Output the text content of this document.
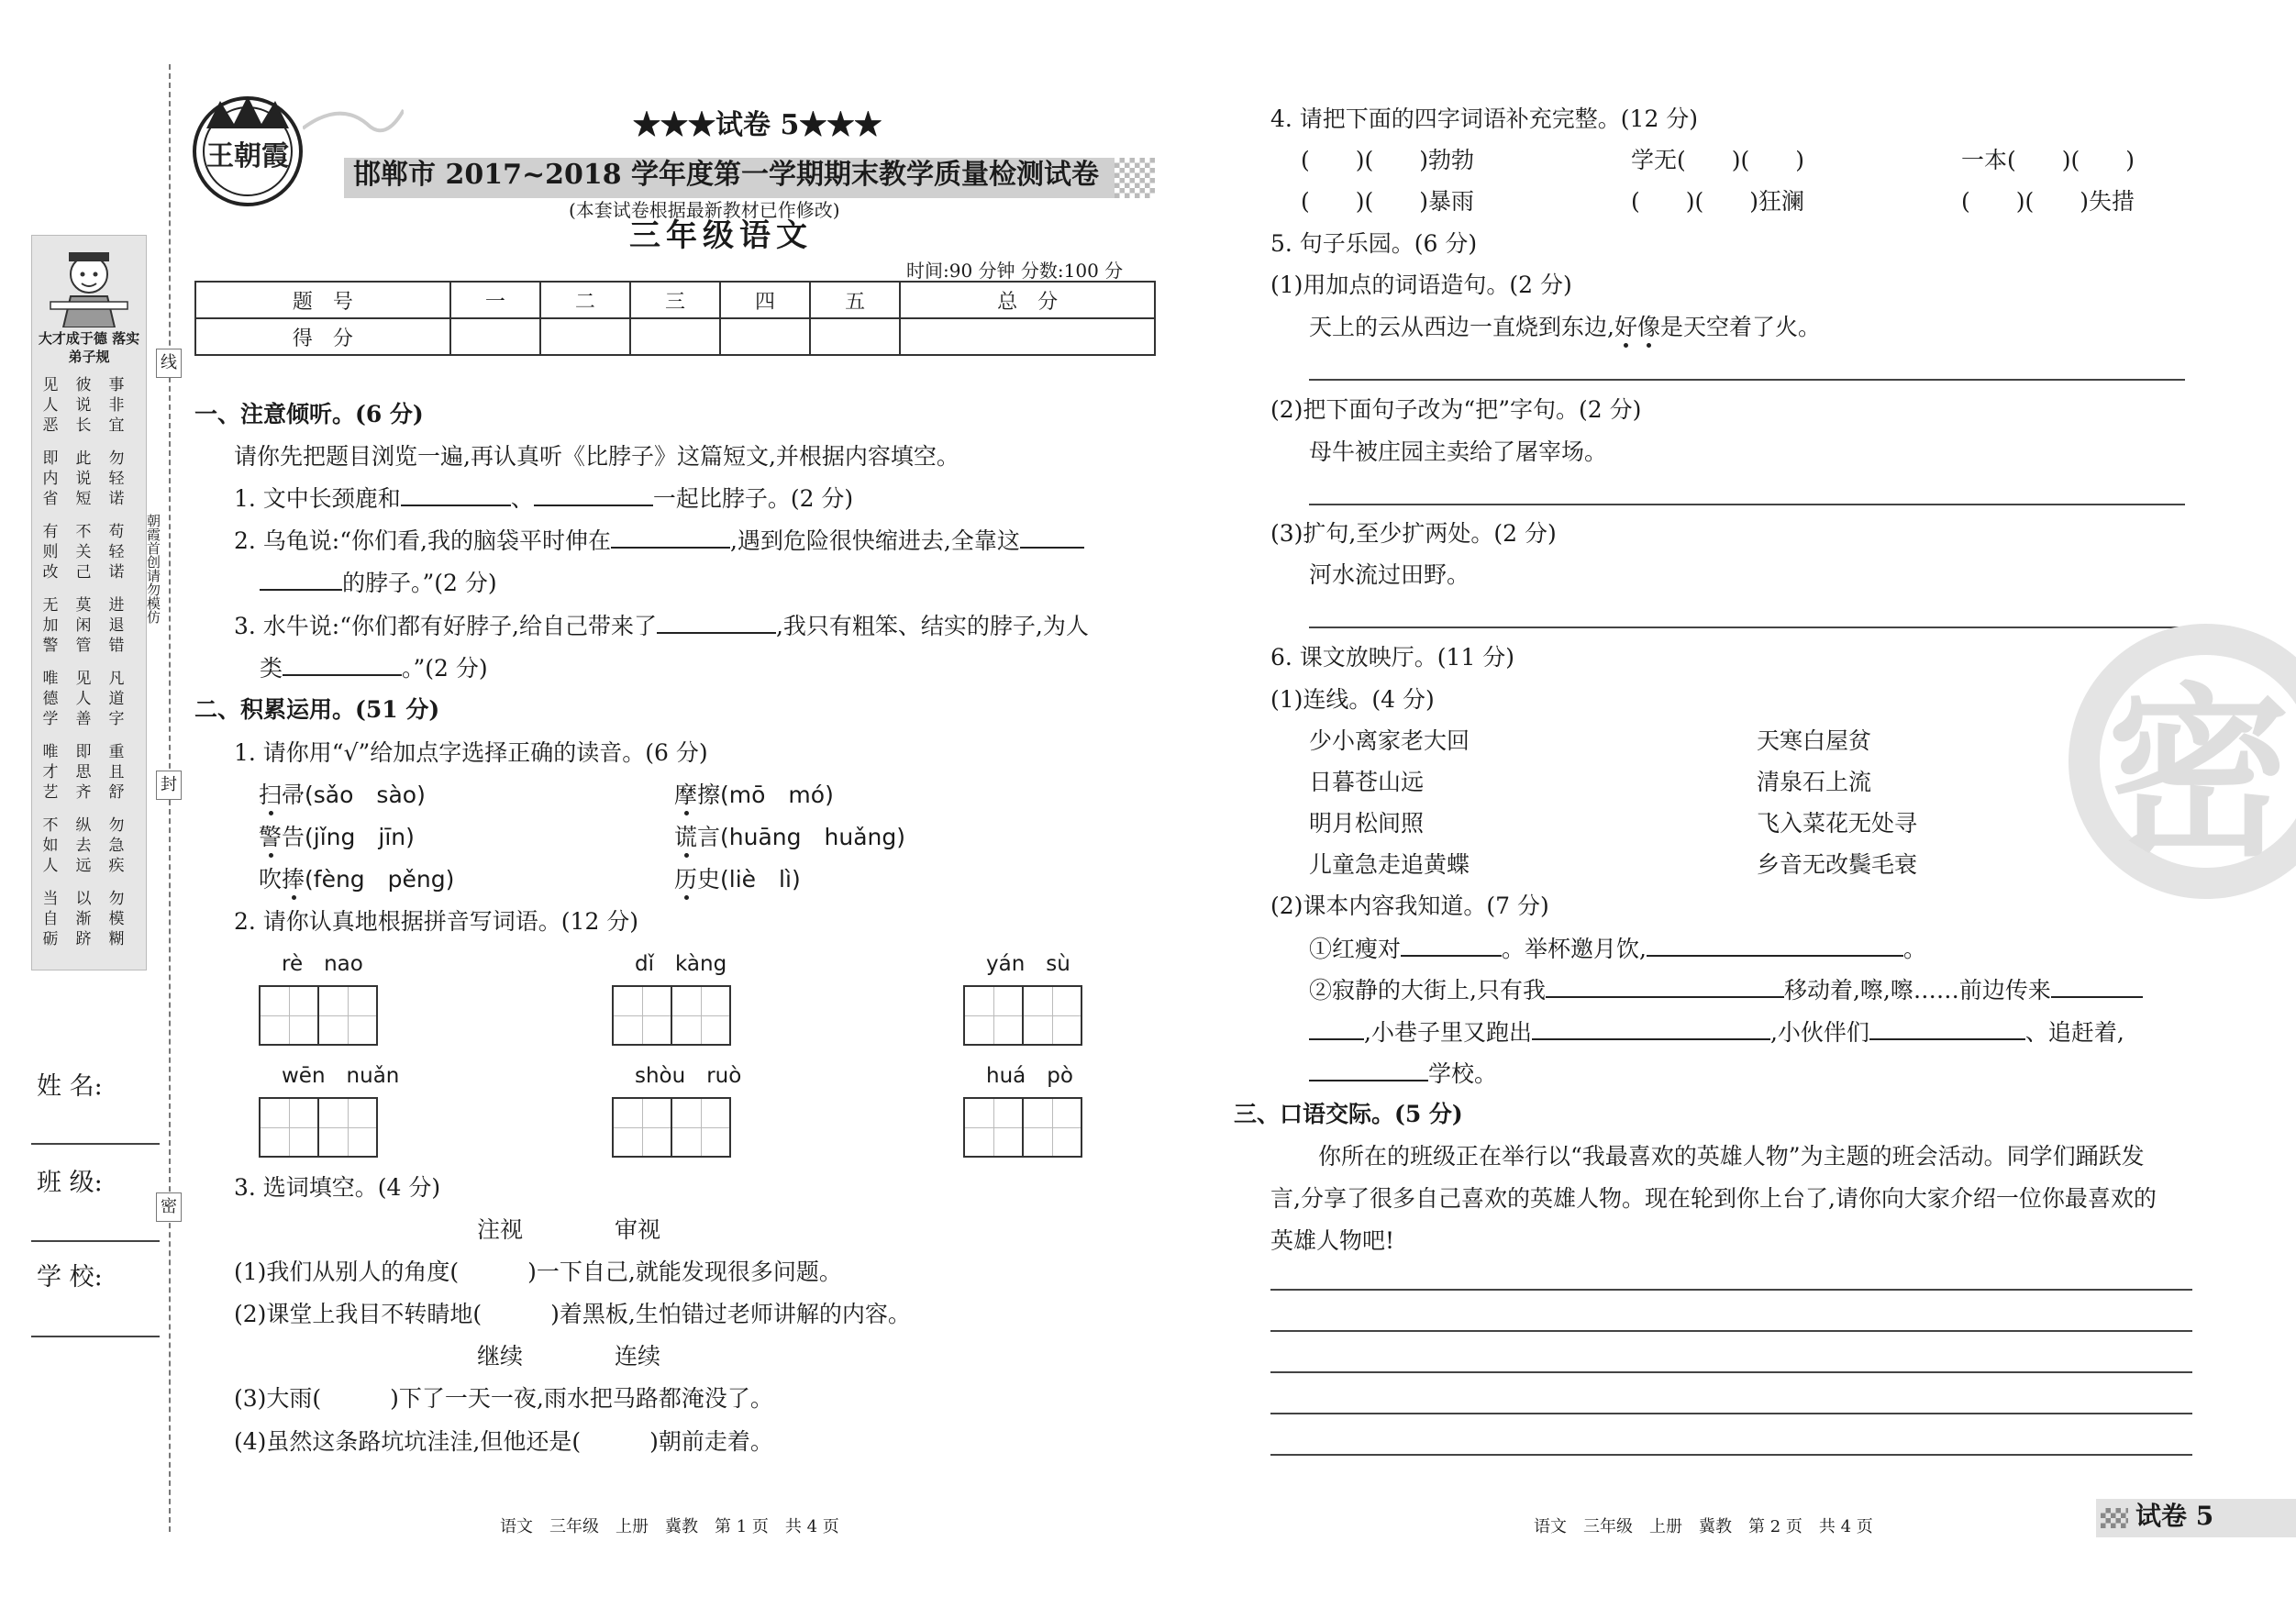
大才成于德 落实弟子规
见人恶
彼说长
事非宜
即内省
此说短
勿轻诺
有则改
不关己
苟轻诺
无加警
莫闲管
进退错
唯德学
见人善
凡道字
唯才艺
即思齐
重且舒
不如人
纵去远
勿急疾
当自砺
以渐跻
勿模糊
线
朝霞首创
请勿模仿
封
密
姓 名:
班 级:
学 校:
王朝霞
★★★试卷 5★★★
邯郸市 2017~2018 学年度第一学期期末教学质量检测试卷
(本套试卷根据最新教材已作修改)
三年级语文
时间:90 分钟 分数:100 分
题　号	一	二	三	四	五	总　分
得　分						
一、注意倾听。(6 分)
请你先把题目浏览一遍,再认真听《比脖子》这篇短文,并根据内容填空。
1. 文中长颈鹿和	、	一起比脖子。(2 分)
2. 乌龟说:“你们看,我的脑袋平时伸在	,遇到危险很快缩进去,全靠这
的脖子。”(2 分)
3. 水牛说:“你们都有好脖子,给自己带来了	,我只有粗笨、结实的脖子,为人
类	。”(2 分)
二、积累运用。(51 分)
1. 请你用“√”给加点字选择正确的读音。(6 分)
扫帚(sǎo　sào)	摩擦(mō　mó)
警告(jǐng　jīn)	谎言(huāng　huǎng)
吹捧(fèng　pěng)	历史(liè　lì)
2. 请你认真地根据拼音写词语。(12 分)
rè　nao	dǐ　kàng	yán　sù
wēn　nuǎn	shòu　ruò	huá　pò
3. 选词填空。(4 分)
注视　　　　审视
(1)我们从别人的角度(　　　)一下自己,就能发现很多问题。
(2)课堂上我目不转睛地(　　　)着黑板,生怕错过老师讲解的内容。
继续　　　　连续
(3)大雨(　　　)下了一天一夜,雨水把马路都淹没了。
(4)虽然这条路坑坑洼洼,但他还是(　　　)朝前走着。
语文　三年级　上册　冀教　第 1 页　共 4 页
4. 请把下面的四字词语补充完整。(12 分)
(　　)(　　)勃勃	学无(　　)(　　)	一本(　　)(　　)
(　　)(　　)暴雨	(　　)(　　)狂澜	(　　)(　　)失措
5. 句子乐园。(6 分)
(1)用加点的词语造句。(2 分)
天上的云从西边一直烧到东边,好像是天空着了火。
(2)把下面句子改为“把”字句。(2 分)
母牛被庄园主卖给了屠宰场。
(3)扩句,至少扩两处。(2 分)
河水流过田野。
6. 课文放映厅。(11 分)
(1)连线。(4 分)
少小离家老大回
日暮苍山远
明月松间照
儿童急走追黄蝶
天寒白屋贫
清泉石上流
飞入菜花无处寻
乡音无改鬓毛衰
(2)课本内容我知道。(7 分)
①红瘦对	。举杯邀月饮,	。
②寂静的大街上,只有我	移动着,嚓,嚓……前边传来
,小巷子里又跑出	,小伙伴们	、追赶着,
学校。
三、口语交际。(5 分)
你所在的班级正在举行以“我最喜欢的英雄人物”为主题的班会活动。同学们踊跃发
言,分享了很多自己喜欢的英雄人物。现在轮到你上台了,请你向大家介绍一位你最喜欢的
英雄人物吧!
语文　三年级　上册　冀教　第 2 页　共 4 页
密
试卷 5
